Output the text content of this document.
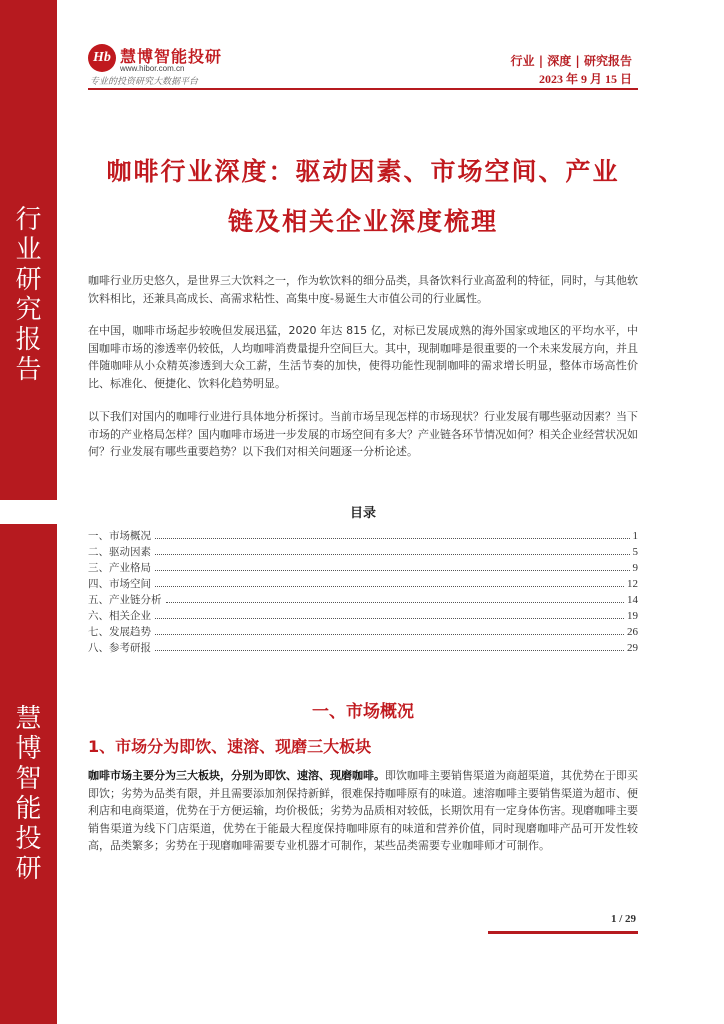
行
业
研
究
报
告
慧
博
智
能
投
研
Hb 慧博智能投研
www.hibor.com.cn
专业的投资研究大数据平台
行业 | 深度 | 研究报告
2023 年 9 月 15 日
咖啡行业深度：驱动因素、市场空间、产业
链及相关企业深度梳理
咖啡行业历史悠久，是世界三大饮料之一，作为软饮料的细分品类，具备饮料行业高盈利的特征，同时，与其他软饮料相比，还兼具高成长、高需求粘性、高集中度-易诞生大市值公司的行业属性。
在中国，咖啡市场起步较晚但发展迅猛，2020 年达 815 亿，对标已发展成熟的海外国家或地区的平均水平，中国咖啡市场的渗透率仍较低，人均咖啡消费量提升空间巨大。其中，现制咖啡是很重要的一个未来发展方向，并且伴随咖啡从小众精英渗透到大众工薪，生活节奏的加快，使得功能性现制咖啡的需求增长明显，整体市场高性价比、标准化、便捷化、饮料化趋势明显。
以下我们对国内的咖啡行业进行具体地分析探讨。当前市场呈现怎样的市场现状？行业发展有哪些驱动因素？当下市场的产业格局怎样？国内咖啡市场进一步发展的市场空间有多大？产业链各环节情况如何？相关企业经营状况如何？行业发展有哪些重要趋势？以下我们对相关问题逐一分析论述。
目录
一、市场概况	1
二、驱动因素	5
三、产业格局	9
四、市场空间	12
五、产业链分析	14
六、相关企业	19
七、发展趋势	26
八、参考研报	29
一、市场概况
1、市场分为即饮、速溶、现磨三大板块
咖啡市场主要分为三大板块，分别为即饮、速溶、现磨咖啡。即饮咖啡主要销售渠道为商超渠道，其优势在于即买即饮；劣势为品类有限，并且需要添加剂保持新鲜，很难保持咖啡原有的味道。速溶咖啡主要销售渠道为超市、便利店和电商渠道，优势在于方便运输，均价极低；劣势为品质相对较低，长期饮用有一定身体伤害。现磨咖啡主要销售渠道为线下门店渠道，优势在于能最大程度保持咖啡原有的味道和营养价值，同时现磨咖啡产品可开发性较高，品类繁多；劣势在于现磨咖啡需要专业机器才可制作，某些品类需要专业咖啡师才可制作。
1 / 29
